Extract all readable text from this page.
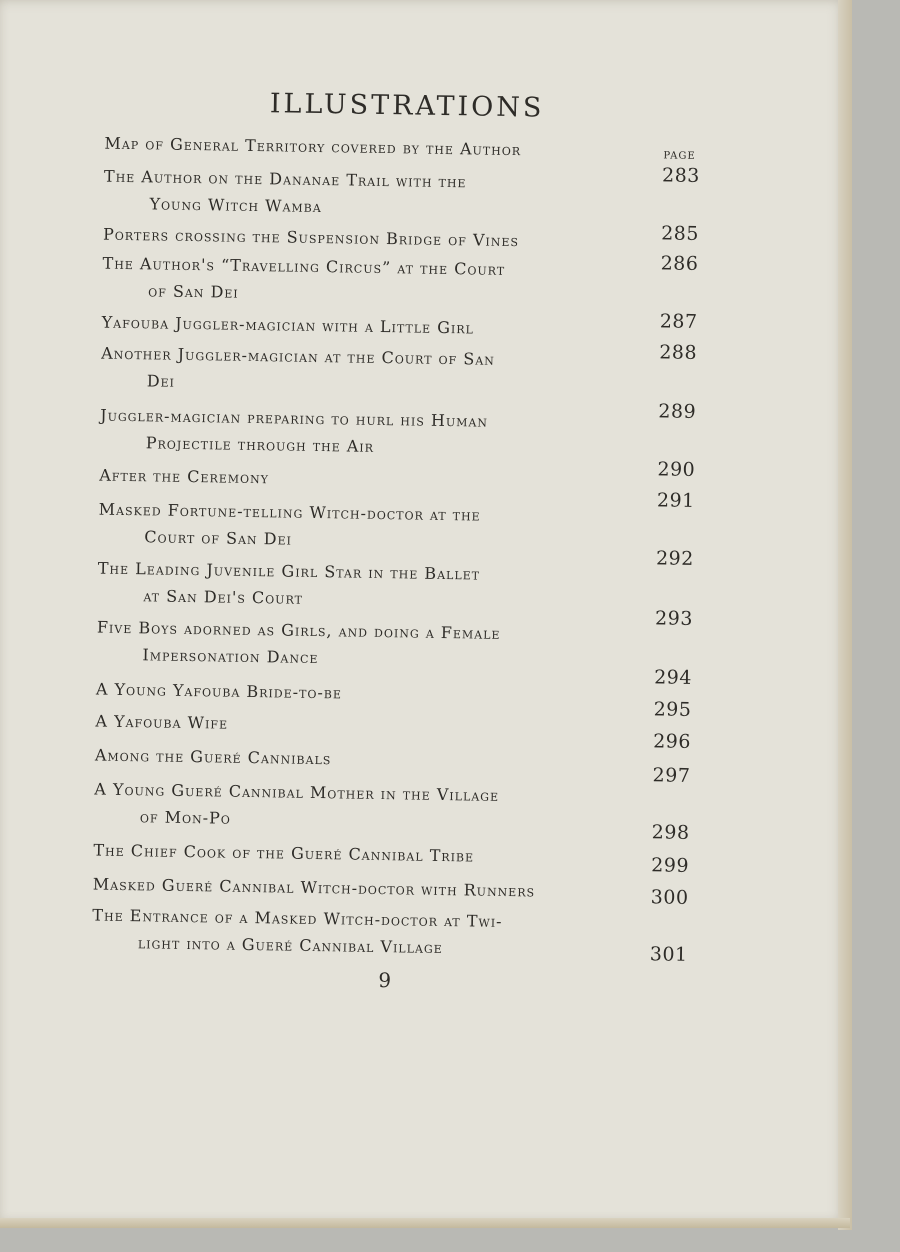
ILLUSTRATIONS
PAGE
Map of General Territory covered by the Author
283
The Author on the Dananae Trail with the
Young Witch Wamba
285
Porters crossing the Suspension Bridge of Vines
286
The Author's “Travelling Circus” at the Court
of San Dei
287
Yafouba Juggler-magician with a Little Girl
288
Another Juggler-magician at the Court of San
Dei
289
Juggler-magician preparing to hurl his Human
Projectile through the Air
290
After the Ceremony
291
Masked Fortune-telling Witch-doctor at the
Court of San Dei
292
The Leading Juvenile Girl Star in the Ballet
at San Dei's Court
293
Five Boys adorned as Girls, and doing a Female
Impersonation Dance
294
A Young Yafouba Bride-to-be
295
A Yafouba Wife
296
Among the Gueré Cannibals
297
A Young Gueré Cannibal Mother in the Village
of Mon-Po
298
The Chief Cook of the Gueré Cannibal Tribe
299
Masked Gueré Cannibal Witch-doctor with Runners	300
The Entrance of a Masked Witch-doctor at Twi-
light into a Gueré Cannibal Village	301
9
